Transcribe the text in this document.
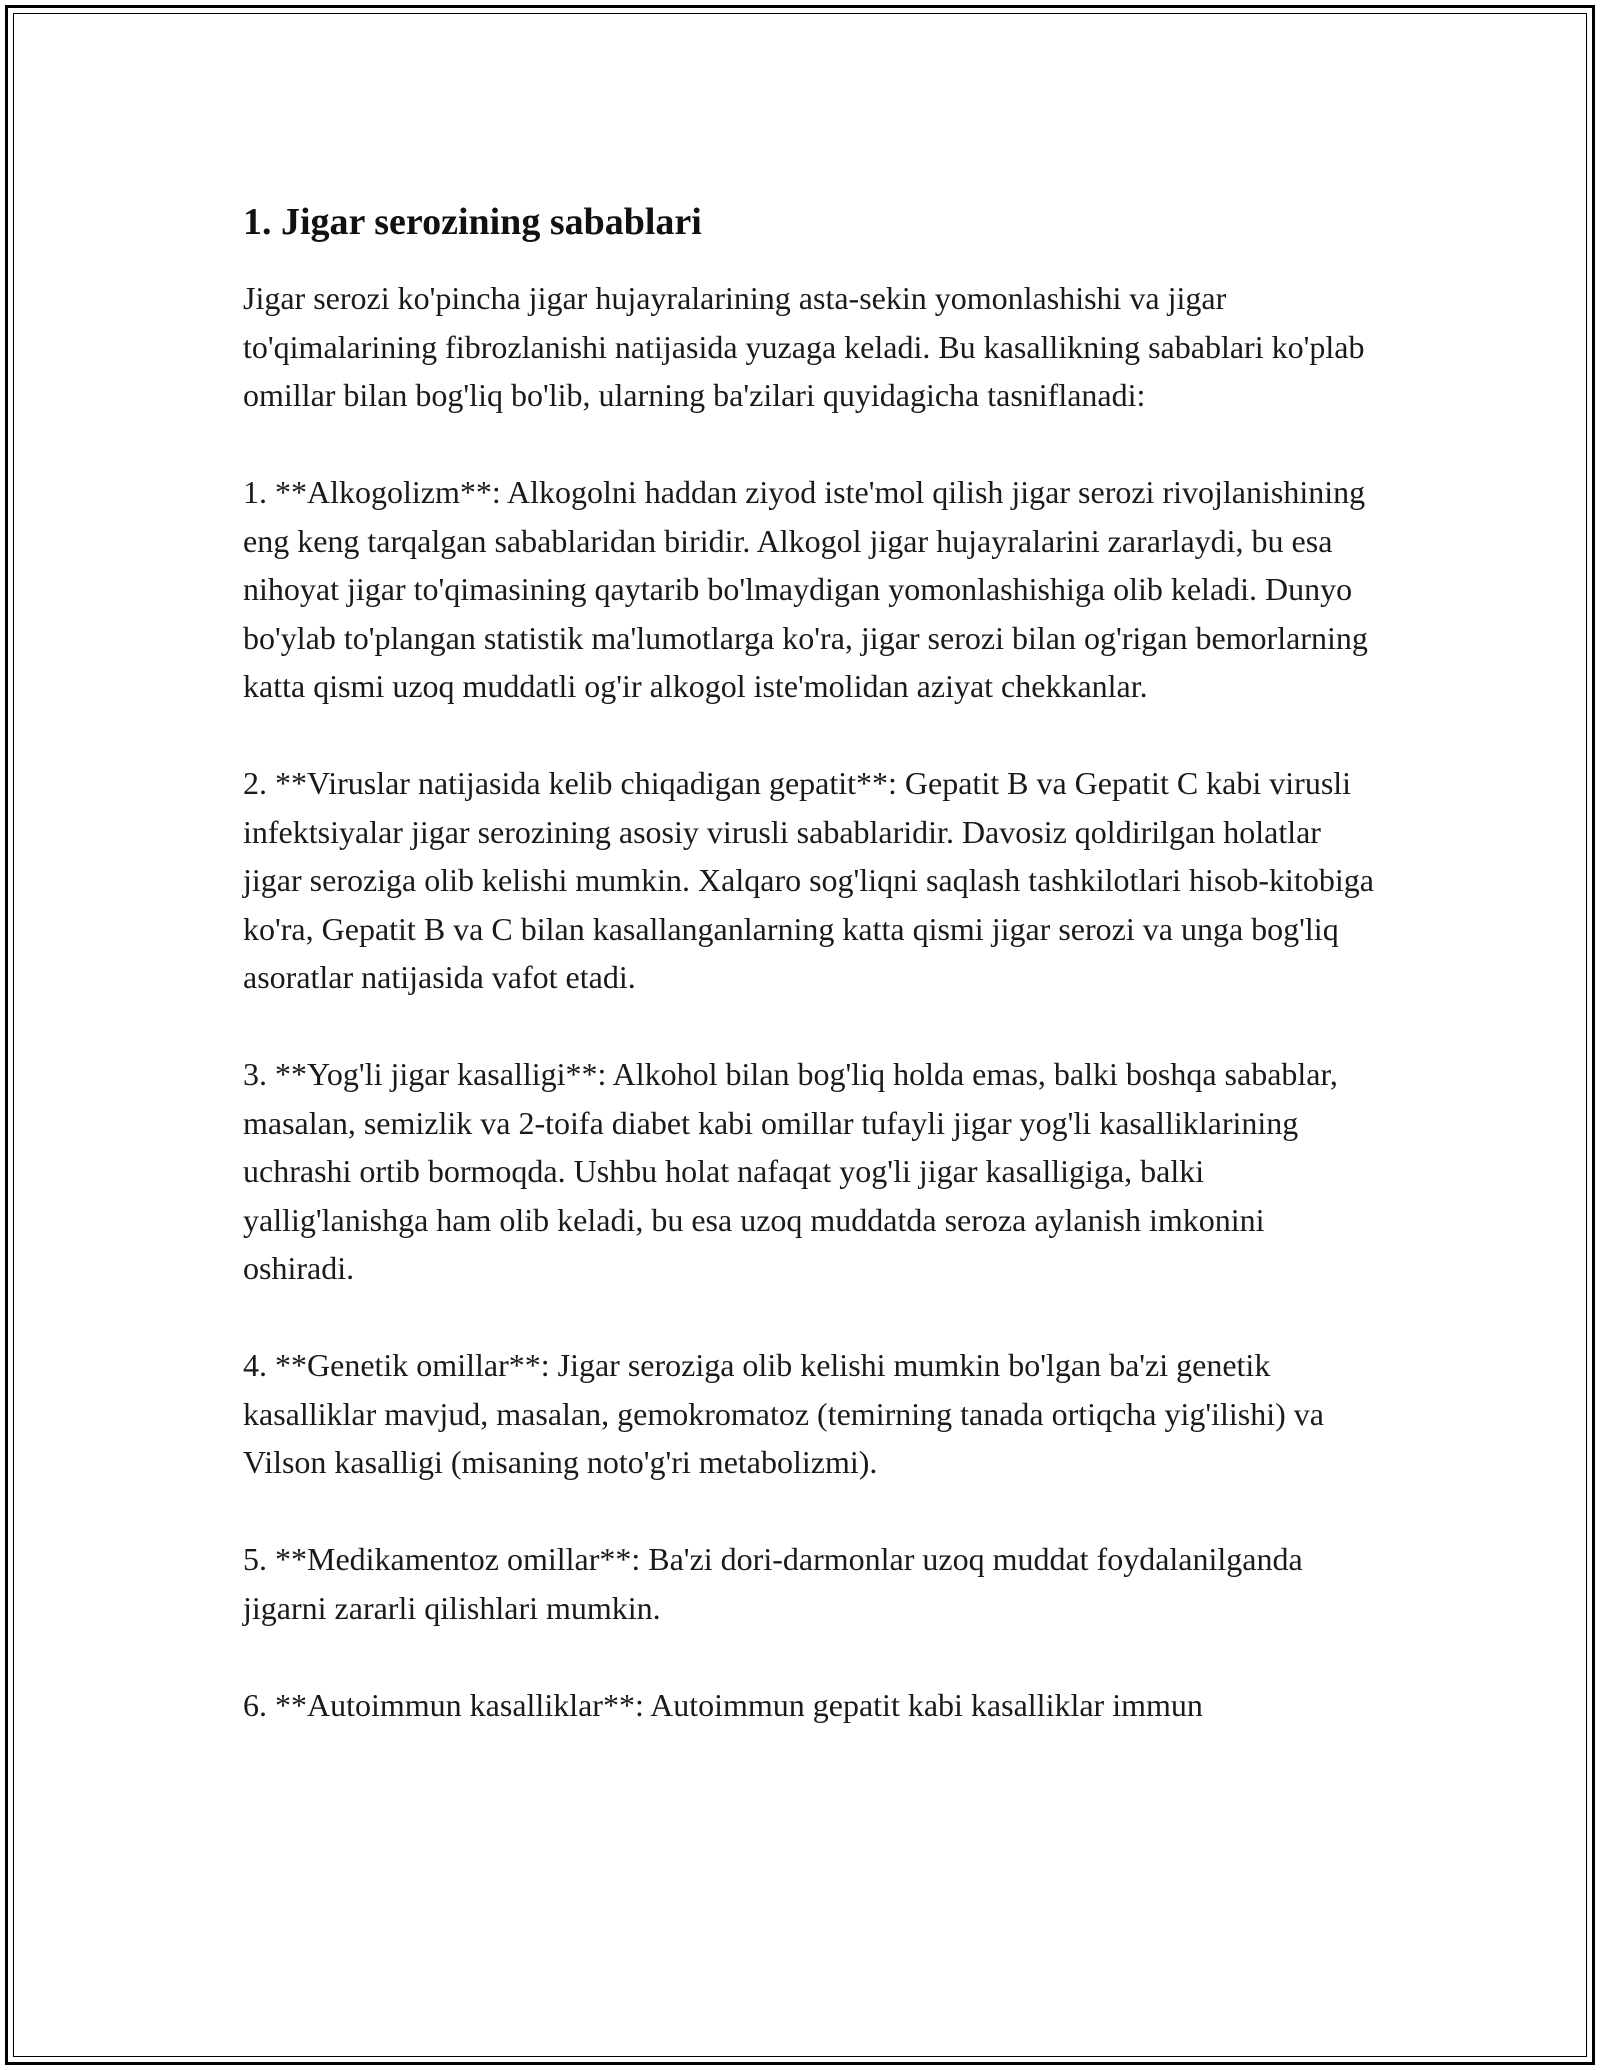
1. Jigar serozining sabablari

Jigar serozi ko'pincha jigar hujayralarining asta-sekin yomonlashishi va jigar to'qimalarining fibrozlanishi natijasida yuzaga keladi. Bu kasallikning sabablari ko'plab omillar bilan bog'liq bo'lib, ularning ba'zilari quyidagicha tasniflanadi:

1. **Alkogolizm**: Alkogolni haddan ziyod iste'mol qilish jigar serozi rivojlanishining eng keng tarqalgan sabablaridan biridir. Alkogol jigar hujayralarini zararlaydi, bu esa nihoyat jigar to'qimasining qaytarib bo'lmaydigan yomonlashishiga olib keladi. Dunyo bo'ylab to'plangan statistik ma'lumotlarga ko'ra, jigar serozi bilan og'rigan bemorlarning katta qismi uzoq muddatli og'ir alkogol iste'molidan aziyat chekkanlar.

2. **Viruslar natijasida kelib chiqadigan gepatit**: Gepatit B va Gepatit C kabi virusli infektsiyalar jigar serozining asosiy virusli sabablaridir. Davosiz qoldirilgan holatlar jigar seroziga olib kelishi mumkin. Xalqaro sog'liqni saqlash tashkilotlari hisob-kitobiga ko'ra, Gepatit B va C bilan kasallanganlarning katta qismi jigar serozi va unga bog'liq asoratlar natijasida vafot etadi.

3. **Yog'li jigar kasalligi**: Alkohol bilan bog'liq holda emas, balki boshqa sabablar, masalan, semizlik va 2-toifa diabet kabi omillar tufayli jigar yog'li kasalliklarining uchrashi ortib bormoqda. Ushbu holat nafaqat yog'li jigar kasalligiga, balki yallig'lanishga ham olib keladi, bu esa uzoq muddatda seroza aylanish imkonini oshiradi.

4. **Genetik omillar**: Jigar seroziga olib kelishi mumkin bo'lgan ba'zi genetik kasalliklar mavjud, masalan, gemokromatoz (temirning tanada ortiqcha yig'ilishi) va Vilson kasalligi (misaning noto'g'ri metabolizmi).

5. **Medikamentoz omillar**: Ba'zi dori-darmonlar uzoq muddat foydalanilganda jigarni zararli qilishlari mumkin.

6. **Autoimmun kasalliklar**: Autoimmun gepatit kabi kasalliklar immun
